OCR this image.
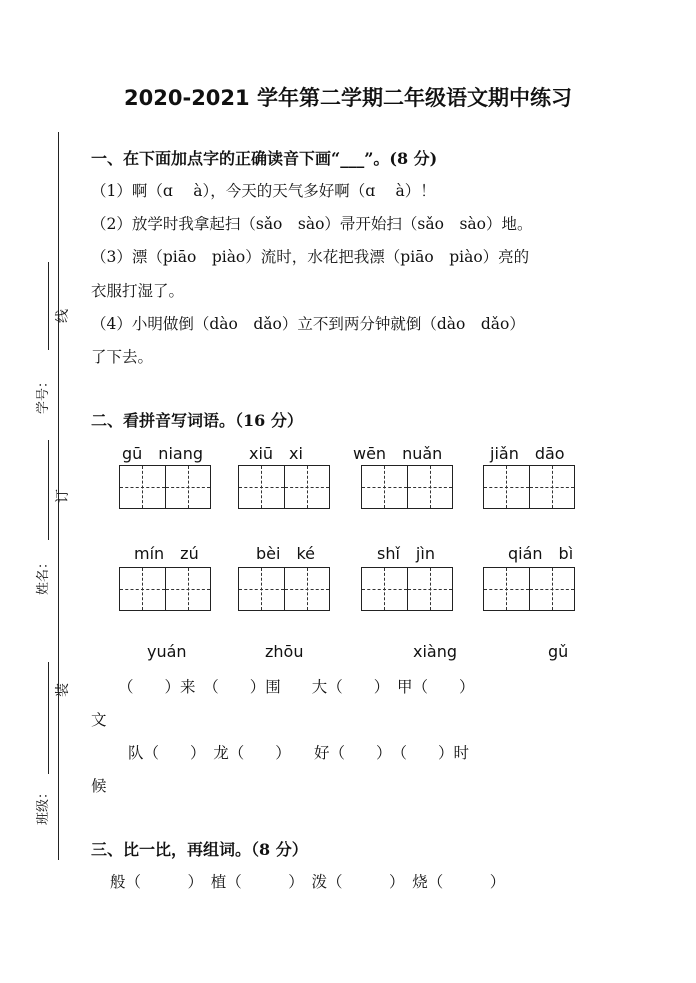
2020-2021 学年第二学期二年级语文期中练习
学号：
姓名：
班级：
线
订
装
一、在下面加点字的正确读音下画“___”。(8 分)
（1）啊（ɑ　 à），今天的天气多好啊（ɑ　 à）！
（2）放学时我拿起扫（sǎo　sào）帚开始扫（sǎo　sào）地。
（3）漂（piāo　piào）流时，水花把我漂（piāo　piào）亮的
衣服打湿了。
（4）小明做倒（dào　dǎo）立不到两分钟就倒（dào　dǎo）
了下去。
二、看拼音写词语。（16 分）
gū　niang	xiū　xi	wēn　nuǎn	jiǎn　dāo
mín　zú	bèi　ké	shǐ　jìn	qián　bì
yuán	zhōu	xiàng	gǔ
（　　）来　（　　）围　　大（　　）　甲（　　）
文
队（　　）　龙（　　）　　好（　　）　（　　）时
候
三、比一比，再组词。（8 分）
般（　　　）　植（　　　）　泼（　　　）　烧（　　　）
